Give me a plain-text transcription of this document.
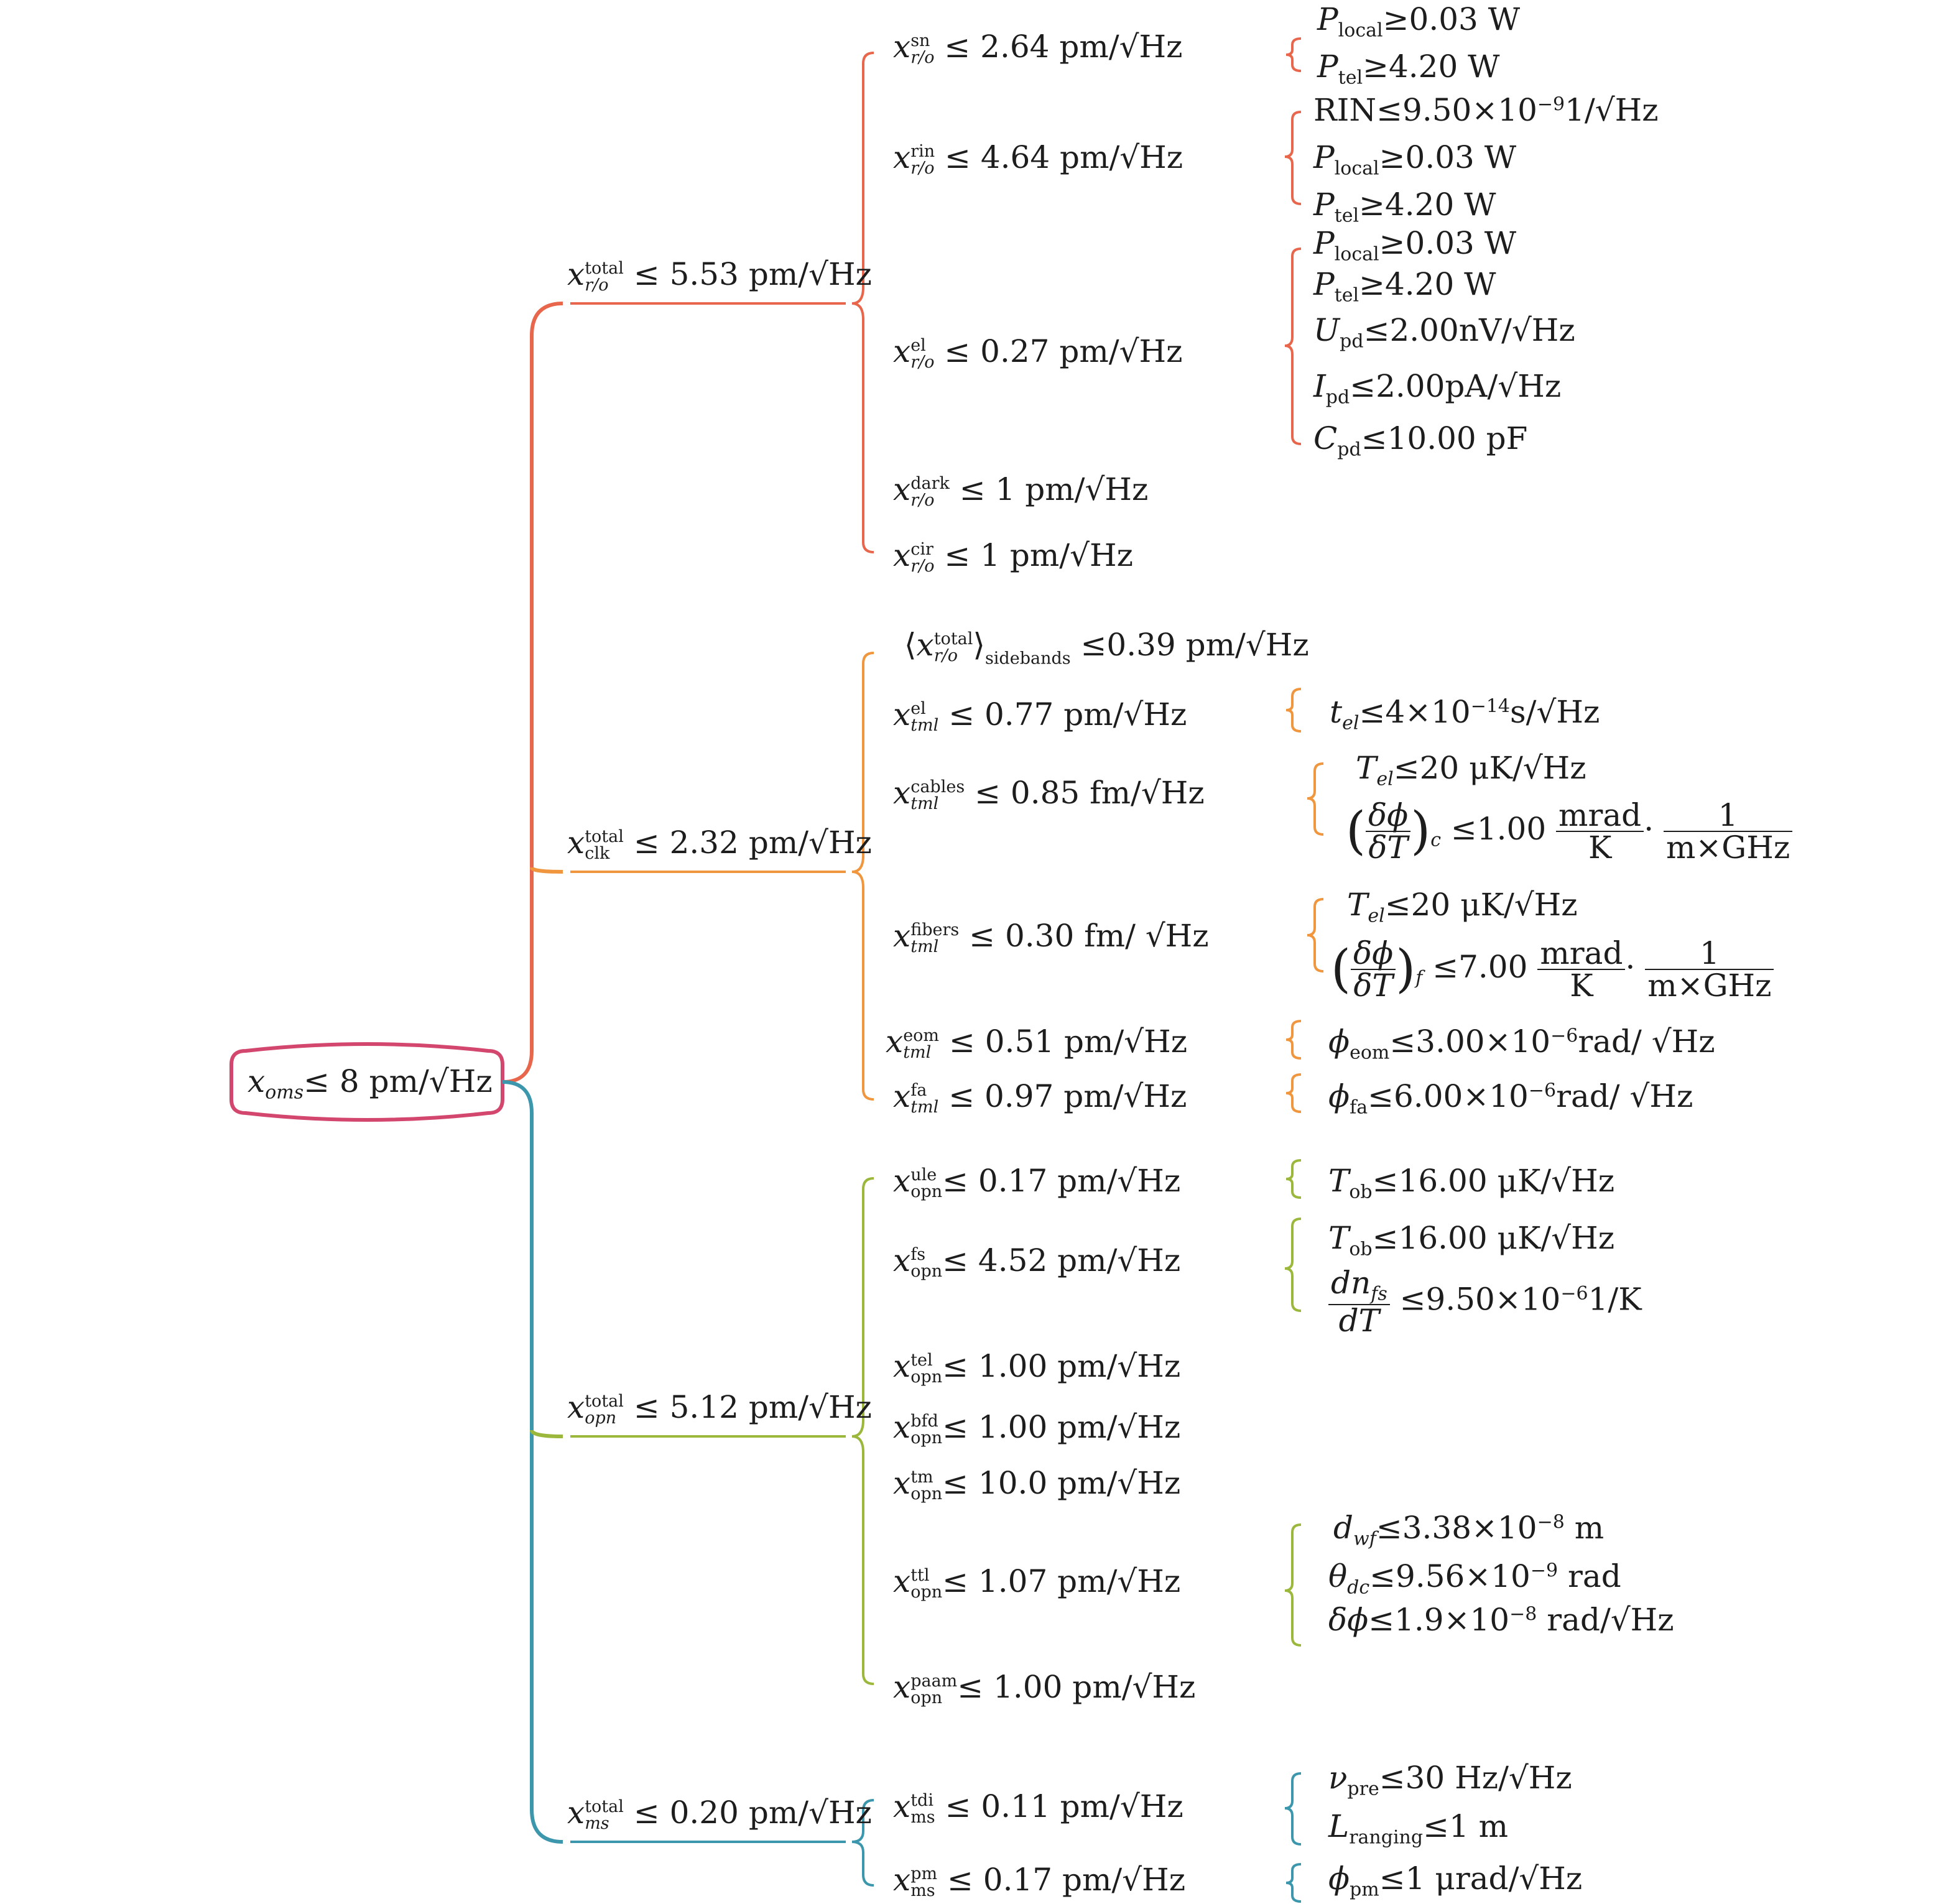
$x_{oms}\le 8$ pm/√Hz
x total
r/o ≤ 5.53 pm/√Hz
x total
clk ≤ 2.32 pm/√Hz
x total
opn ≤ 5.12 pm/√Hz
x total
ms ≤ 0.20 pm/√Hz
x sn
r/o ≤ 2.64 pm/√Hz
x rin
r/o ≤ 4.64 pm/√Hz
x el
r/o ≤ 0.27 pm/√Hz
x dark
r/o ≤ 1 pm/√Hz
x cir
r/o ≤ 1 pm/√Hz
⟨x total
r/o $⟩_{sidebands} \le 0.39$ pm/√Hz
x el
tml ≤ 0.77 pm/√Hz
x cables
tml	≤ 0.85 fm/√Hz
x fibers
tml ≤ 0.30 fm/ √Hz
x eom
tml ≤ 0.51 pm/√Hz
x fa
tml ≤ 0.97 pm/√Hz
x ule
opn ≤ 0.17 pm/√Hz
x fs
opn ≤ 4.52 pm/√Hz
x tel
opn ≤ 1.00 pm/√Hz
x bfd
opn ≤ 1.00 pm/√Hz
x tm
opn ≤ 10.0 pm/√Hz
x ttl
opn ≤ 1.07 pm/√Hz
x paam
opn ≤ 1.00 pm/√Hz
x tdi
ms ≤ 0.11 pm/√Hz
x pm
ms ≤ 0.17 pm/√Hz
$P_{local}\ge 0.03$ W
$P_{tel}\ge 4.20$ W
$RIN\le 9.50\times 10^{-9}1/√Hz$
$P_{local}\ge 0.03$ W
$P_{tel}\ge 4.20$ W
$P_{local}\ge 0.03$ W
$P_{tel}\ge 4.20$ W
$U_{pd}\le 2.00nV/√Hz$
$I_{pd}\le 2.00pA/√Hz$
$C_{pd}\le 10.00$ pF
$t_{el}\le 4\times 10^{-14}s/√Hz$
$T_{el}\le 20$ μK/√Hz
( $\frac{\delta\phi}{\delta T} )_c \le 1.00 \frac{\text{mrad}}{K} \cdot \frac{1}{\text{m×GHz}}$
$T_{el}\le 20$ μK/√Hz
( $\frac{\delta\phi}{\delta T} )_f \le 7.00 \frac{\text{mrad}}{K} \cdot \frac{1}{\text{m×GHz}}$
$\phi_{eom}\le 3.00\times 10^{-6}rad/$ √Hz
$\phi_{fa}\le 6.00\times 10^{-6}rad/$ √Hz
$T_{ob}\le 16.00$ μK/√Hz
$T_{ob}\le 16.00$ μK/√Hz
$\frac{dn_{fs}}{dT} \le 9.50\times 10^{-6}1/K$
$d_{wf}\le 3.38\times 10^{-8}$ m
$\theta_{dc}\le 9.56\times 10^{-9}$ rad
$\delta\phi\le 1.9\times 10^{-8}$ rad/√Hz
$\nu_{pre}\le 30$ Hz/√Hz
$L_{ranging}\le 1$ m
$\phi_{pm}\le 1$ μrad/√Hz
